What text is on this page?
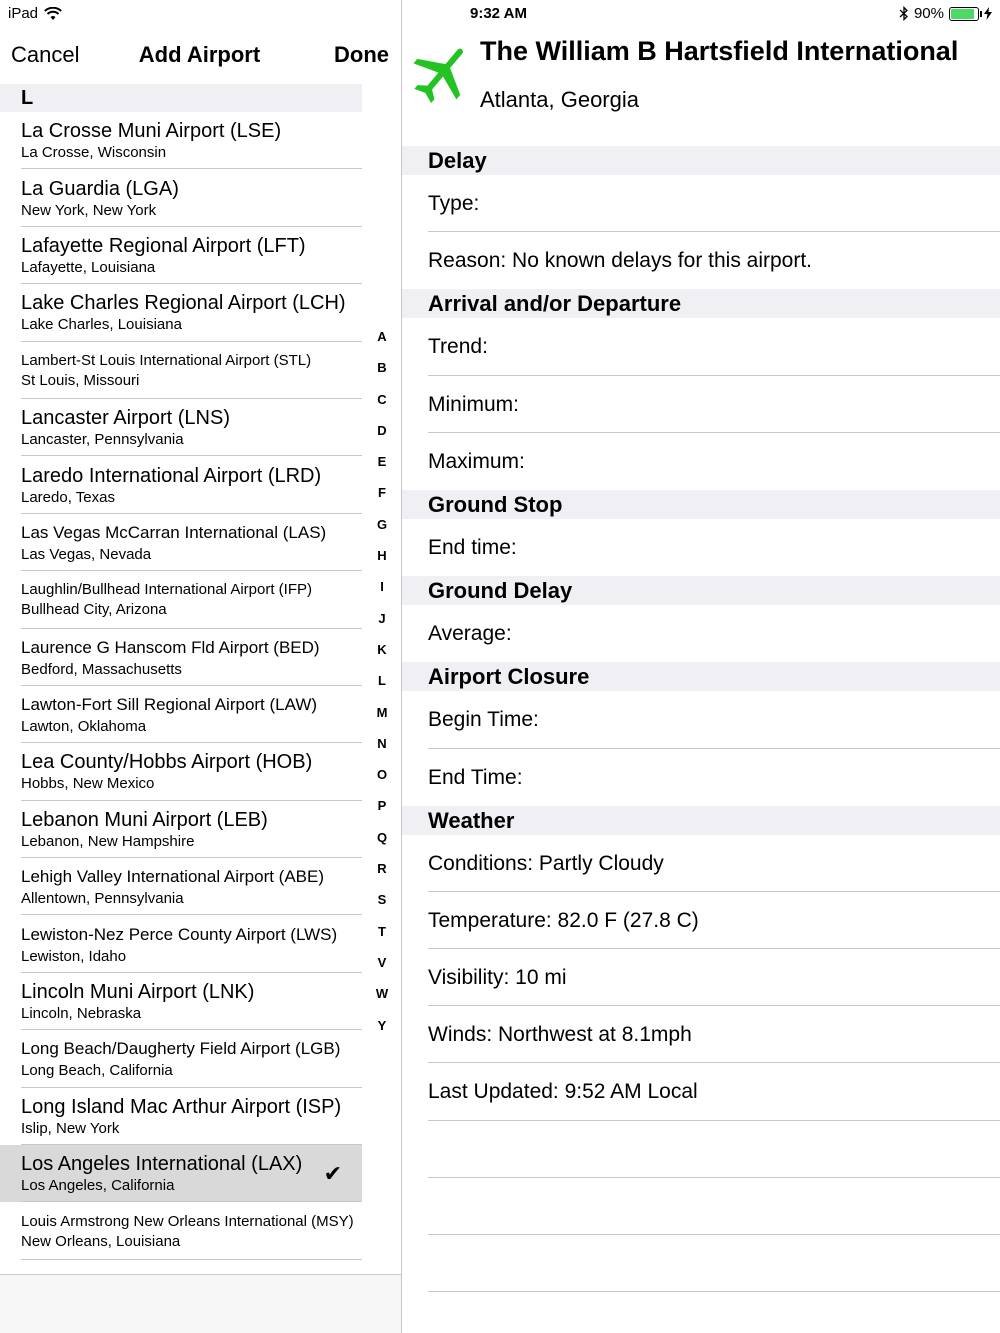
iPad	9:32 AM	90%
Cancel	Add Airport	Done
L
La Crosse Muni Airport (LSE)
La Crosse, Wisconsin
La Guardia (LGA)
New York, New York
Lafayette Regional Airport (LFT)
Lafayette, Louisiana
Lake Charles Regional Airport (LCH)
Lake Charles, Louisiana
Lambert-St Louis International Airport (STL)
St Louis, Missouri
Lancaster Airport (LNS)
Lancaster, Pennsylvania
Laredo International Airport (LRD)
Laredo, Texas
Las Vegas McCarran International (LAS)
Las Vegas, Nevada
Laughlin/Bullhead International Airport (IFP)
Bullhead City, Arizona
Laurence G Hanscom Fld Airport (BED)
Bedford, Massachusetts
Lawton-Fort Sill Regional Airport (LAW)
Lawton, Oklahoma
Lea County/Hobbs Airport (HOB)
Hobbs, New Mexico
Lebanon Muni Airport (LEB)
Lebanon, New Hampshire
Lehigh Valley International Airport (ABE)
Allentown, Pennsylvania
Lewiston-Nez Perce County Airport (LWS)
Lewiston, Idaho
Lincoln Muni Airport (LNK)
Lincoln, Nebraska
Long Beach/Daugherty Field Airport (LGB)
Long Beach, California
Long Island Mac Arthur Airport (ISP)
Islip, New York
Los Angeles International (LAX)
Los Angeles, California	✔
Louis Armstrong New Orleans International (MSY)
New Orleans, Louisiana
A
B
C
D
E
F
G
H
I
J
K
L
M
N
O
P
Q
R
S
T
V
W
Y
The William B Hartsfield International
Atlanta, Georgia
Delay
Type:
Reason: No known delays for this airport.
Arrival and/or Departure
Trend:
Minimum:
Maximum:
Ground Stop
End time:
Ground Delay
Average:
Airport Closure
Begin Time:
End Time:
Weather
Conditions: Partly Cloudy
Temperature: 82.0 F (27.8 C)
Visibility: 10 mi
Winds: Northwest at 8.1mph
Last Updated: 9:52 AM Local
